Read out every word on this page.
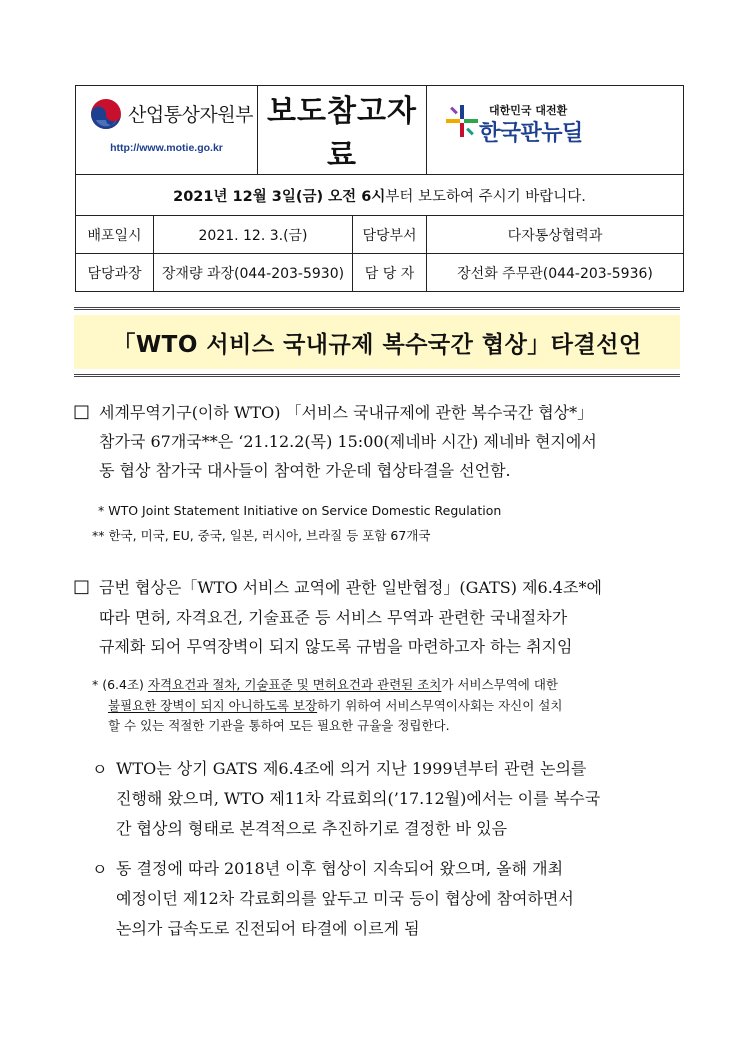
산업통상자원부
http://www.motie.go.kr		보도참고자료		대한민국 대전환
한국판뉴딜

2021년 12월 3일(금) 오전 6시부터 보도하여 주시기 바랍니다.				
배포일시	2021. 12. 3.(금)		담당부서	다자통상협력과
담당과장	장재량 과장(044-203-5930)		담 당 자	장선화 주무관(044-203-5936)
「WTO 서비스 국내규제 복수국간 협상」타결선언
□ 세계무역기구(이하 WTO) 「서비스 국내규제에 관한 복수국간 협상*」
참가국 67개국**은 ‘21.12.2(목) 15:00(제네바 시간) 제네바 현지에서
동 협상 참가국 대사들이 참여한 가운데 협상타결을 선언함.
* WTO Joint Statement Initiative on Service Domestic Regulation
** 한국, 미국, EU, 중국, 일본, 러시아, 브라질 등 포함 67개국
□ 금번 협상은「WTO 서비스 교역에 관한 일반협정」(GATS) 제6.4조*에
따라 면허, 자격요건, 기술표준 등 서비스 무역과 관련한 국내절차가
규제화 되어 무역장벽이 되지 않도록 규범을 마련하고자 하는 취지임
* (6.4조) 자격요건과 절차, 기술표준 및 면허요건과 관련된 조치가 서비스무역에 대한
불필요한 장벽이 되지 아니하도록 보장하기 위하여 서비스무역이사회는 자신이 설치
할 수 있는 적절한 기관을 통하여 모든 필요한 규율을 정립한다.
ㅇ WTO는 상기 GATS 제6.4조에 의거 지난 1999년부터 관련 논의를
진행해 왔으며, WTO 제11차 각료회의(’17.12월)에서는 이를 복수국
간 협상의 형태로 본격적으로 추진하기로 결정한 바 있음
ㅇ 동 결정에 따라 2018년 이후 협상이 지속되어 왔으며, 올해 개최
예정이던 제12차 각료회의를 앞두고 미국 등이 협상에 참여하면서
논의가 급속도로 진전되어 타결에 이르게 됨
